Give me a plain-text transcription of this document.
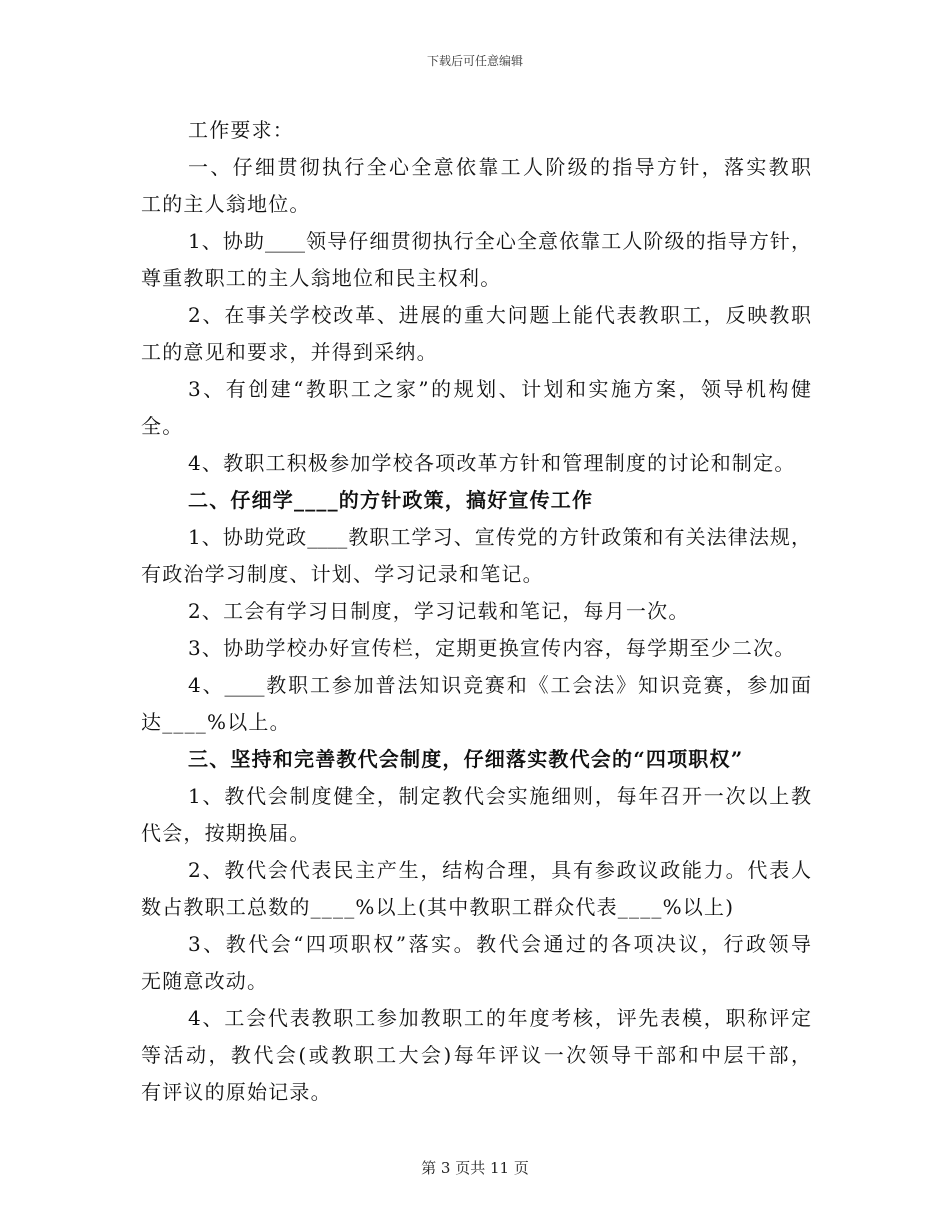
下载后可任意编辑
工作要求：
一、仔细贯彻执行全心全意依靠工人阶级的指导方针，落实教职
工的主人翁地位。
1、协助____领导仔细贯彻执行全心全意依靠工人阶级的指导方针，
尊重教职工的主人翁地位和民主权利。
2、在事关学校改革、进展的重大问题上能代表教职工，反映教职
工的意见和要求，并得到采纳。
3、有创建“教职工之家”的规划、计划和实施方案，领导机构健
全。
4、教职工积极参加学校各项改革方针和管理制度的讨论和制定。
二、仔细学____的方针政策，搞好宣传工作
1、协助党政____教职工学习、宣传党的方针政策和有关法律法规，
有政治学习制度、计划、学习记录和笔记。
2、工会有学习日制度，学习记载和笔记，每月一次。
3、协助学校办好宣传栏，定期更换宣传内容，每学期至少二次。
4、____教职工参加普法知识竞赛和《工会法》知识竞赛，参加面
达____%以上。
三、坚持和完善教代会制度，仔细落实教代会的“四项职权”
1、教代会制度健全，制定教代会实施细则，每年召开一次以上教
代会，按期换届。
2、教代会代表民主产生，结构合理，具有参政议政能力。代表人
数占教职工总数的____%以上(其中教职工群众代表____%以上)
3、教代会“四项职权”落实。教代会通过的各项决议，行政领导
无随意改动。
4、工会代表教职工参加教职工的年度考核，评先表模，职称评定
等活动，教代会(或教职工大会)每年评议一次领导干部和中层干部，
有评议的原始记录。
第 3 页共 11 页
